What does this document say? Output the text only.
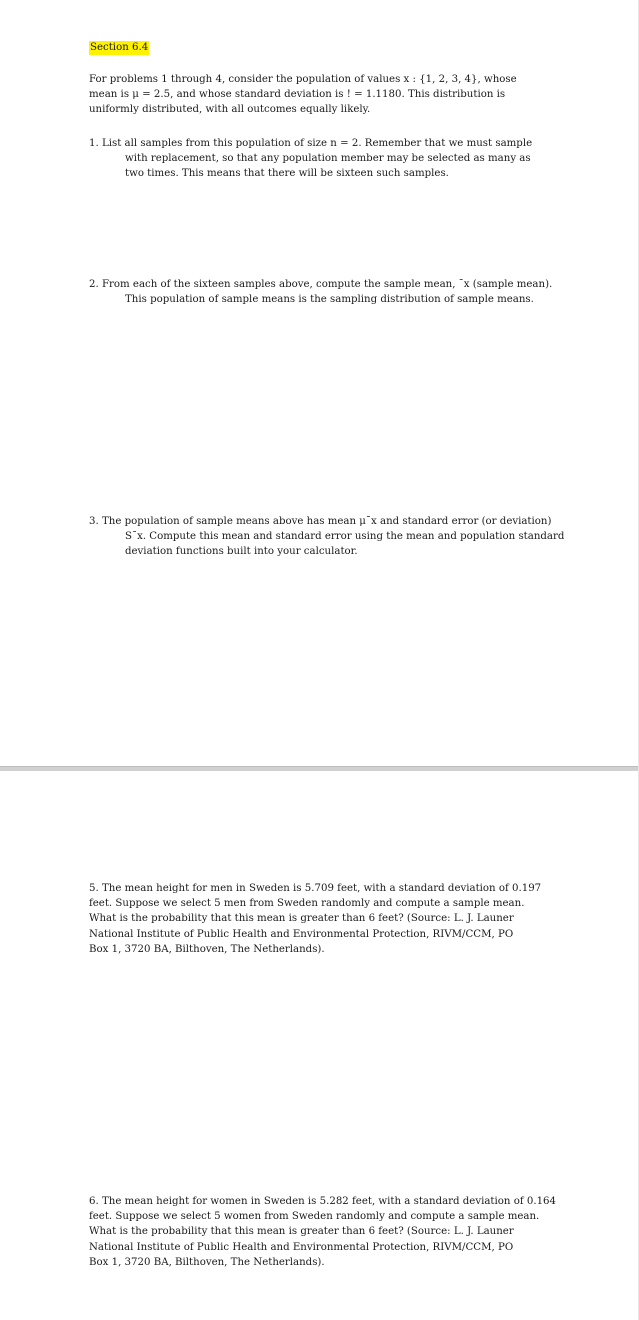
Section 6.4
For problems 1 through 4, consider the population of values x : {1, 2, 3, 4}, whose
mean is μ = 2.5, and whose standard deviation is ! = 1.1180. This distribution is
uniformly distributed, with all outcomes equally likely.
1. List all samples from this population of size n = 2. Remember that we must sample
with replacement, so that any population member may be selected as many as
two times. This means that there will be sixteen such samples.
2. From each of the sixteen samples above, compute the sample mean, ¯x (sample mean).
This population of sample means is the sampling distribution of sample means.
3. The population of sample means above has mean μ¯x and standard error (or deviation)
S¯x. Compute this mean and standard error using the mean and population standard
deviation functions built into your calculator.
5. The mean height for men in Sweden is 5.709 feet, with a standard deviation of 0.197
feet. Suppose we select 5 men from Sweden randomly and compute a sample mean.
What is the probability that this mean is greater than 6 feet? (Source: L. J. Launer
National Institute of Public Health and Environmental Protection, RIVM/CCM, PO
Box 1, 3720 BA, Bilthoven, The Netherlands).
6. The mean height for women in Sweden is 5.282 feet, with a standard deviation of 0.164
feet. Suppose we select 5 women from Sweden randomly and compute a sample mean.
What is the probability that this mean is greater than 6 feet? (Source: L. J. Launer
National Institute of Public Health and Environmental Protection, RIVM/CCM, PO
Box 1, 3720 BA, Bilthoven, The Netherlands).
